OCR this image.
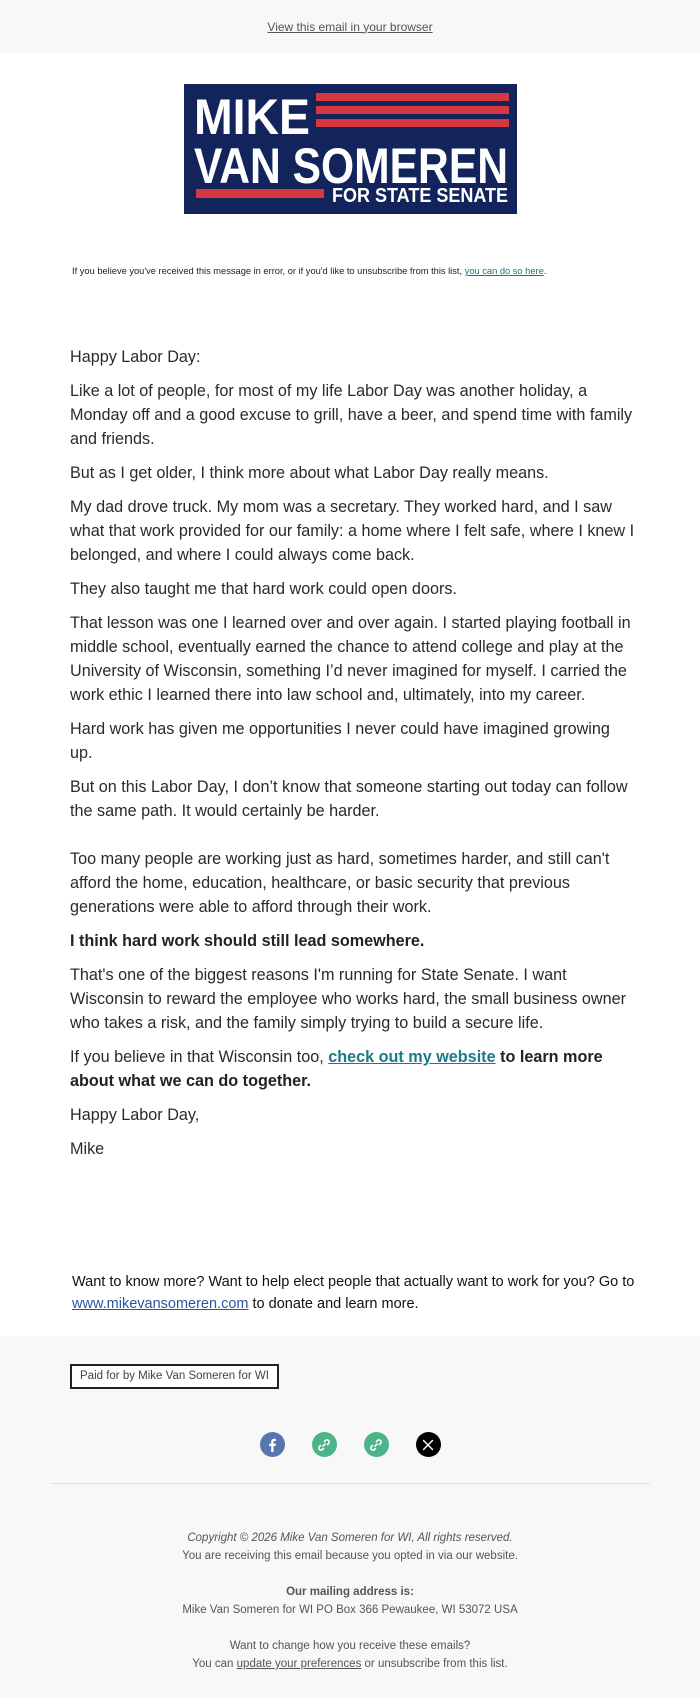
View this email in your browser
MIKE
VAN SOMEREN
FOR STATE SENATE
If you believe you've received this message in error, or if you'd like to unsubscribe from this list, you can do so here.

Happy Labor Day:

Like a lot of people, for most of my life Labor Day was another holiday, a Monday off and a good excuse to grill, have a beer, and spend time with family and friends.

But as I get older, I think more about what Labor Day really means.

My dad drove truck. My mom was a secretary. They worked hard, and I saw what that work provided for our family: a home where I felt safe, where I knew I belonged, and where I could always come back.

They also taught me that hard work could open doors.

That lesson was one I learned over and over again. I started playing football in middle school, eventually earned the chance to attend college and play at the University of Wisconsin, something I’d never imagined for myself. I carried the work ethic I learned there into law school and, ultimately, into my career.

Hard work has given me opportunities I never could have imagined growing up.

But on this Labor Day, I don’t know that someone starting out today can follow the same path. It would certainly be harder.

Too many people are working just as hard, sometimes harder, and still can't afford the home, education, healthcare, or basic security that previous generations were able to afford through their work.

I think hard work should still lead somewhere.

That's one of the biggest reasons I'm running for State Senate. I want Wisconsin to reward the employee who works hard, the small business owner who takes a risk, and the family simply trying to build a secure life.

If you believe in that Wisconsin too, check out my website to learn more about what we can do together.

Happy Labor Day,

Mike

Want to know more? Want to help elect people that actually want to work for you? Go to www.mikevansomeren.com to donate and learn more.
Paid for by Mike Van Someren for WI
Copyright © 2026 Mike Van Someren for WI, All rights reserved.
You are receiving this email because you opted in via our website.
Our mailing address is:
Mike Van Someren for WI PO Box 366 Pewaukee, WI 53072 USA
Want to change how you receive these emails?
You can update your preferences or unsubscribe from this list.
